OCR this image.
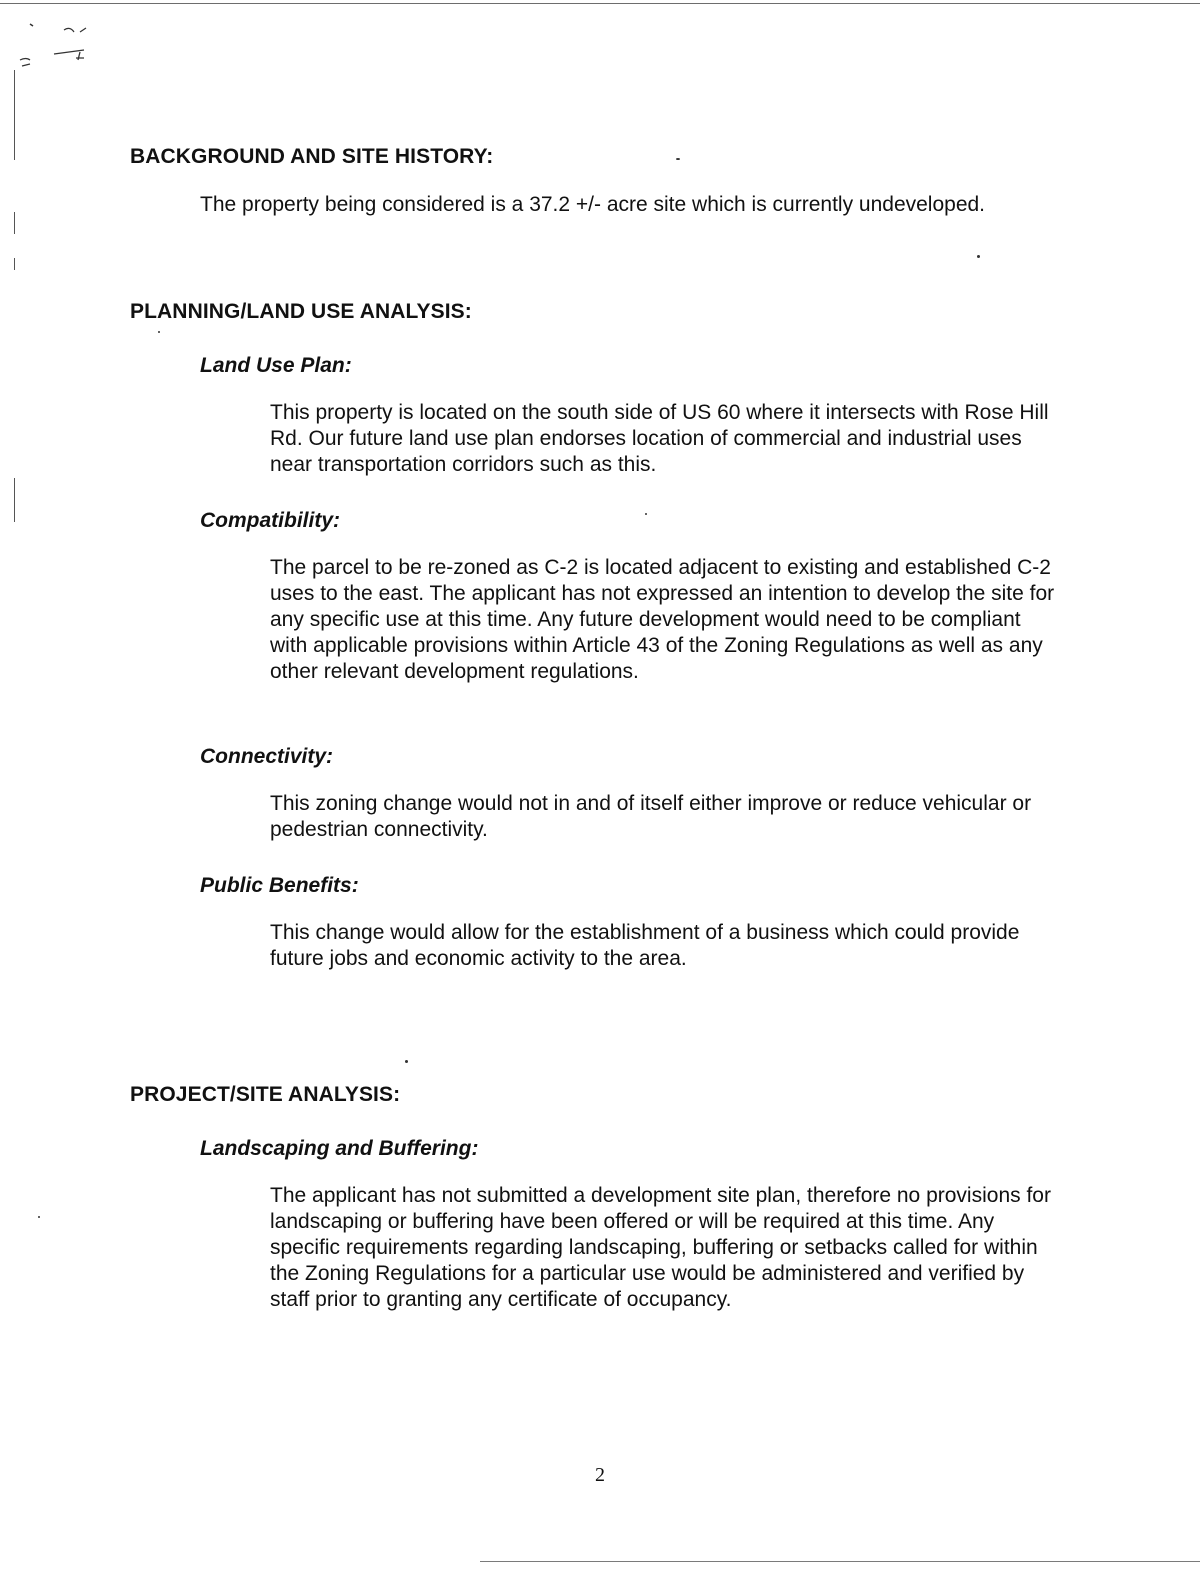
BACKGROUND AND SITE HISTORY:

The property being considered is a 37.2 +/- acre site which is currently undeveloped.

PLANNING/LAND USE ANALYSIS:
Land Use Plan:

This property is located on the south side of US 60 where it intersects with Rose Hill Rd. Our future land use plan endorses location of commercial and industrial uses near transportation corridors such as this.

Compatibility:

The parcel to be re-zoned as C-2 is located adjacent to existing and established C-2 uses to the east. The applicant has not expressed an intention to develop the site for any specific use at this time. Any future development would need to be compliant with applicable provisions within Article 43 of the Zoning Regulations as well as any other relevant development regulations.

Connectivity:

This zoning change would not in and of itself either improve or reduce vehicular or pedestrian connectivity.

Public Benefits:

This change would allow for the establishment of a business which could provide future jobs and economic activity to the area.

PROJECT/SITE ANALYSIS:
Landscaping and Buffering:

The applicant has not submitted a development site plan, therefore no provisions for landscaping or buffering have been offered or will be required at this time. Any specific requirements regarding landscaping, buffering or setbacks called for within the Zoning Regulations for a particular use would be administered and verified by staff prior to granting any certificate of occupancy.

2
